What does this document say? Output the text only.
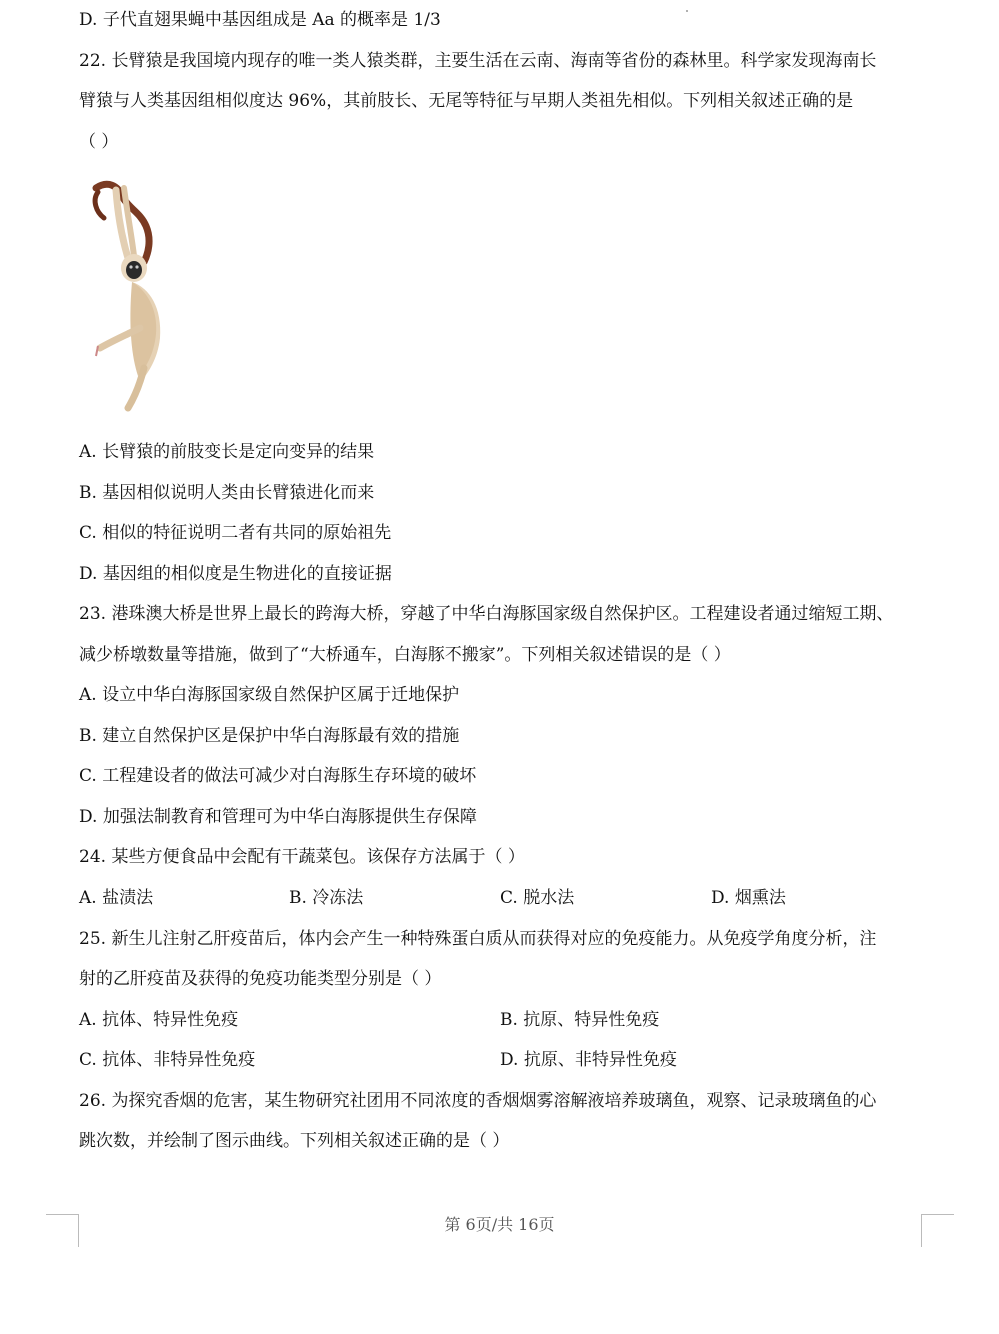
D. 子代直翅果蝇中基因组成是 Aa 的概率是 1/3
22. 长臂猿是我国境内现存的唯一类人猿类群，主要生活在云南、海南等省份的森林里。科学家发现海南长
臂猿与人类基因组相似度达 96%，其前肢长、无尾等特征与早期人类祖先相似。下列相关叙述正确的是
（ ）
A. 长臂猿的前肢变长是定向变异的结果
B. 基因相似说明人类由长臂猿进化而来
C. 相似的特征说明二者有共同的原始祖先
D. 基因组的相似度是生物进化的直接证据
23. 港珠澳大桥是世界上最长的跨海大桥，穿越了中华白海豚国家级自然保护区。工程建设者通过缩短工期、
减少桥墩数量等措施，做到了“大桥通车，白海豚不搬家”。下列相关叙述错误的是（ ）
A. 设立中华白海豚国家级自然保护区属于迁地保护
B. 建立自然保护区是保护中华白海豚最有效的措施
C. 工程建设者的做法可减少对白海豚生存环境的破坏
D. 加强法制教育和管理可为中华白海豚提供生存保障
24. 某些方便食品中会配有干蔬菜包。该保存方法属于（ ）
A. 盐渍法	B. 冷冻法	C. 脱水法	D. 烟熏法
25. 新生儿注射乙肝疫苗后，体内会产生一种特殊蛋白质从而获得对应的免疫能力。从免疫学角度分析，注
射的乙肝疫苗及获得的免疫功能类型分别是（ ）
A. 抗体、特异性免疫	B. 抗原、特异性免疫
C. 抗体、非特异性免疫	D. 抗原、非特异性免疫
26. 为探究香烟的危害，某生物研究社团用不同浓度的香烟烟雾溶解液培养玻璃鱼，观察、记录玻璃鱼的心
跳次数，并绘制了图示曲线。下列相关叙述正确的是（ ）
第 6页/共 16页
